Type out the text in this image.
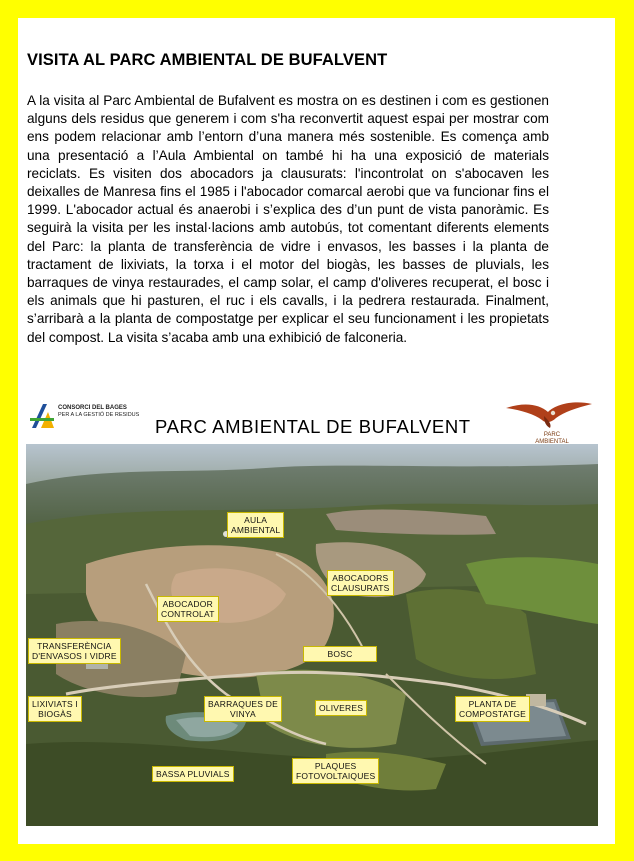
VISITA AL PARC AMBIENTAL DE BUFALVENT

A la visita al Parc Ambiental de Bufalvent es mostra on es destinen i com es gestionen alguns dels residus que generem i com s'ha reconvertit aquest espai per mostrar com ens podem relacionar amb l’entorn d’una manera més sostenible. Es comença amb una presentació a l’Aula Ambiental on també hi ha una exposició de materials reciclats. Es visiten dos abocadors ja clausurats: l'incontrolat on s'abocaven les deixalles de Manresa fins el 1985 i l'abocador comarcal aerobi que va funcionar fins el 1999. L'abocador actual és anaerobi i s’explica des d’un punt de vista panoràmic. Es seguirà la visita per les instal·lacions amb autobús, tot comentant diferents elements del Parc: la planta de transferència de vidre i envasos, les basses i la planta de tractament de lixiviats, la torxa i el motor del biogàs, les basses de pluvials, les barraques de vinya restaurades, el camp solar, el camp d'oliveres recuperat, el bosc i els animals que hi pasturen, el ruc i els cavalls, i la pedrera restaurada. Finalment, s’arribarà a la planta de compostatge per explicar el seu funcionament i les propietats del compost. La visita s’acaba amb una exhibició de falconeria.

CONSORCI DEL BAGES
PER A LA GESTIÓ DE RESIDUS
PARC AMBIENTAL DE BUFALVENT	PARC
AMBIENTAL
AULA
AMBIENTAL
ABOCADORS
CLAUSURATS
ABOCADOR
CONTROLAT
TRANSFERÈNCIA
D'ENVASOS I VIDRE	BOSC
LIXIVIATS I
BIOGÀS
BARRAQUES DE
VINYA
OLIVERES	PLANTA DE
COMPOSTATGE
BASSA PLUVIALS
PLAQUES
FOTOVOLTAIQUES
